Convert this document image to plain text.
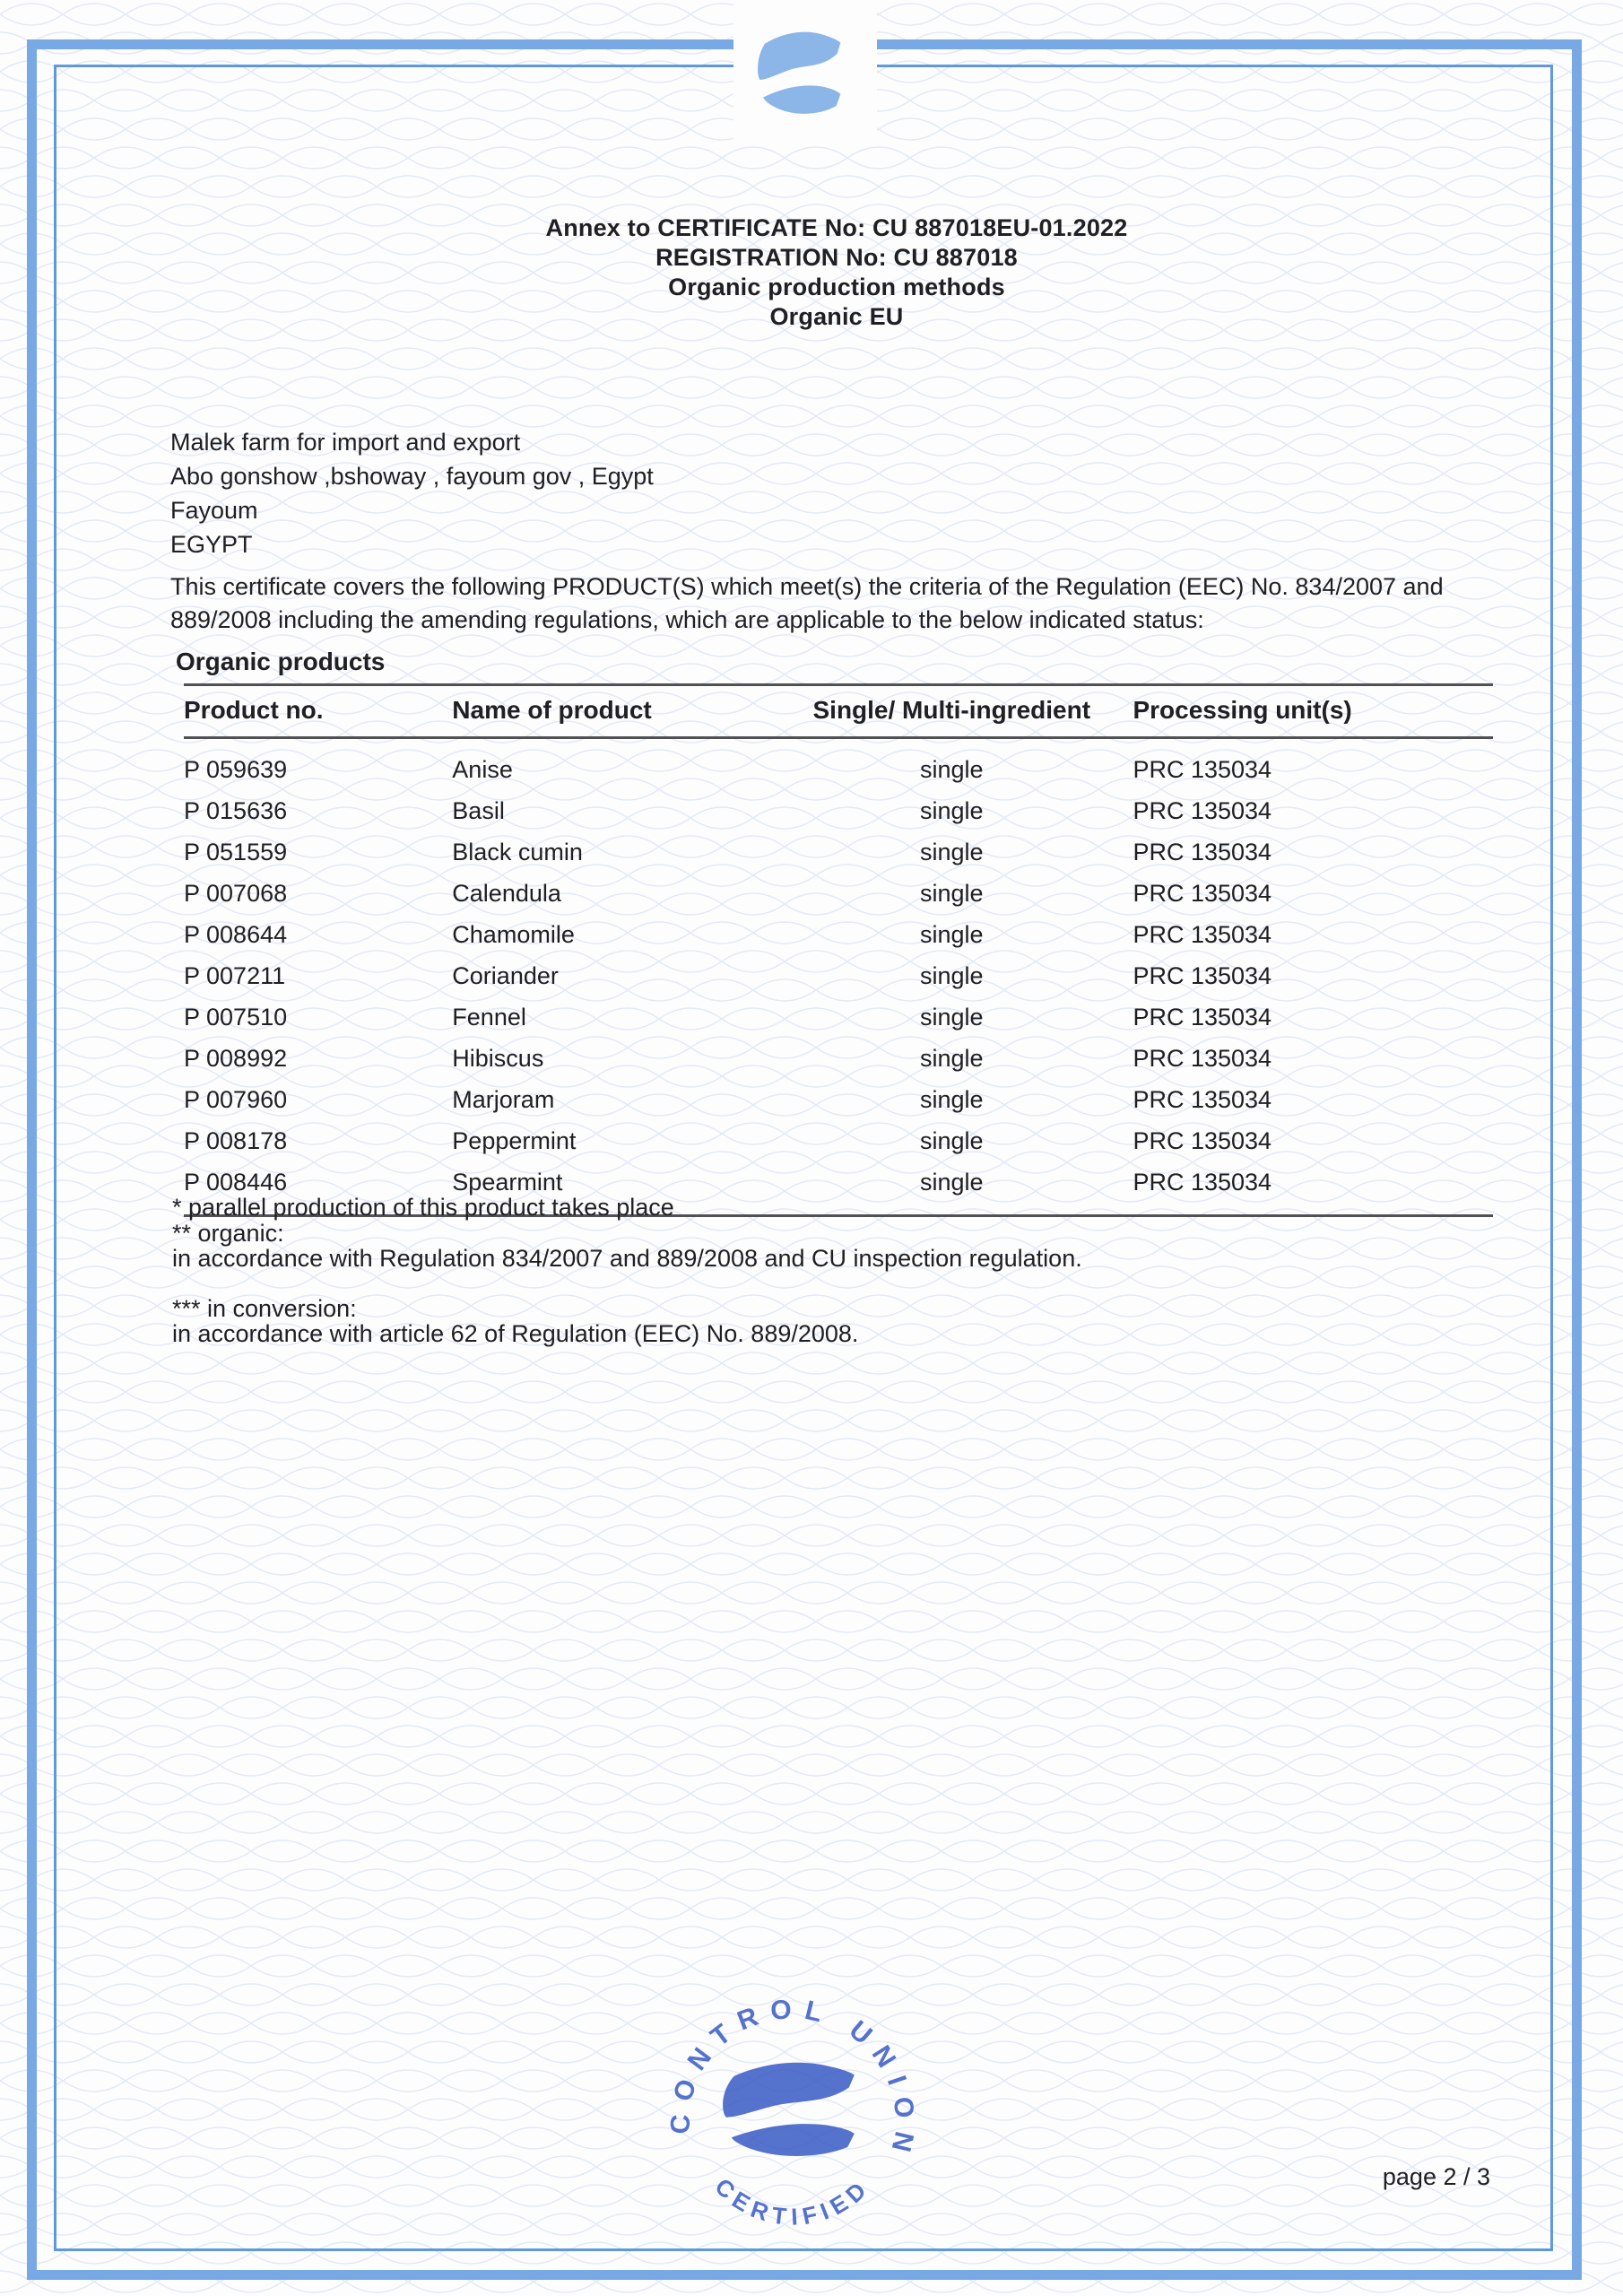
Annex to CERTIFICATE No: CU 887018EU-01.2022
REGISTRATION No: CU 887018
Organic production methods
Organic EU
Malek farm for import and export
Abo gonshow ,bshoway , fayoum gov , Egypt
Fayoum
EGYPT
This certificate covers the following PRODUCT(S) which meet(s) the criteria of the Regulation (EEC) No. 834/2007 and 889/2008 including the amending regulations, which are applicable to the below indicated status:
Organic products
Product no.	Name of product	Single/ Multi-ingredient	Processing unit(s)
P 059639	Anise	single	PRC 135034
P 015636	Basil	single	PRC 135034
P 051559	Black cumin	single	PRC 135034
P 007068	Calendula	single	PRC 135034
P 008644	Chamomile	single	PRC 135034
P 007211	Coriander	single	PRC 135034
P 007510	Fennel	single	PRC 135034
P 008992	Hibiscus	single	PRC 135034
P 007960	Marjoram	single	PRC 135034
P 008178	Peppermint	single	PRC 135034
P 008446	Spearmint	single	PRC 135034
* parallel production of this product takes place
** organic:
in accordance with Regulation 834/2007 and 889/2008 and CU inspection regulation.
*** in conversion:
in accordance with article 62 of Regulation (EEC) No. 889/2008.
CONTROL UNION
CERTIFIED	page 2 / 3
